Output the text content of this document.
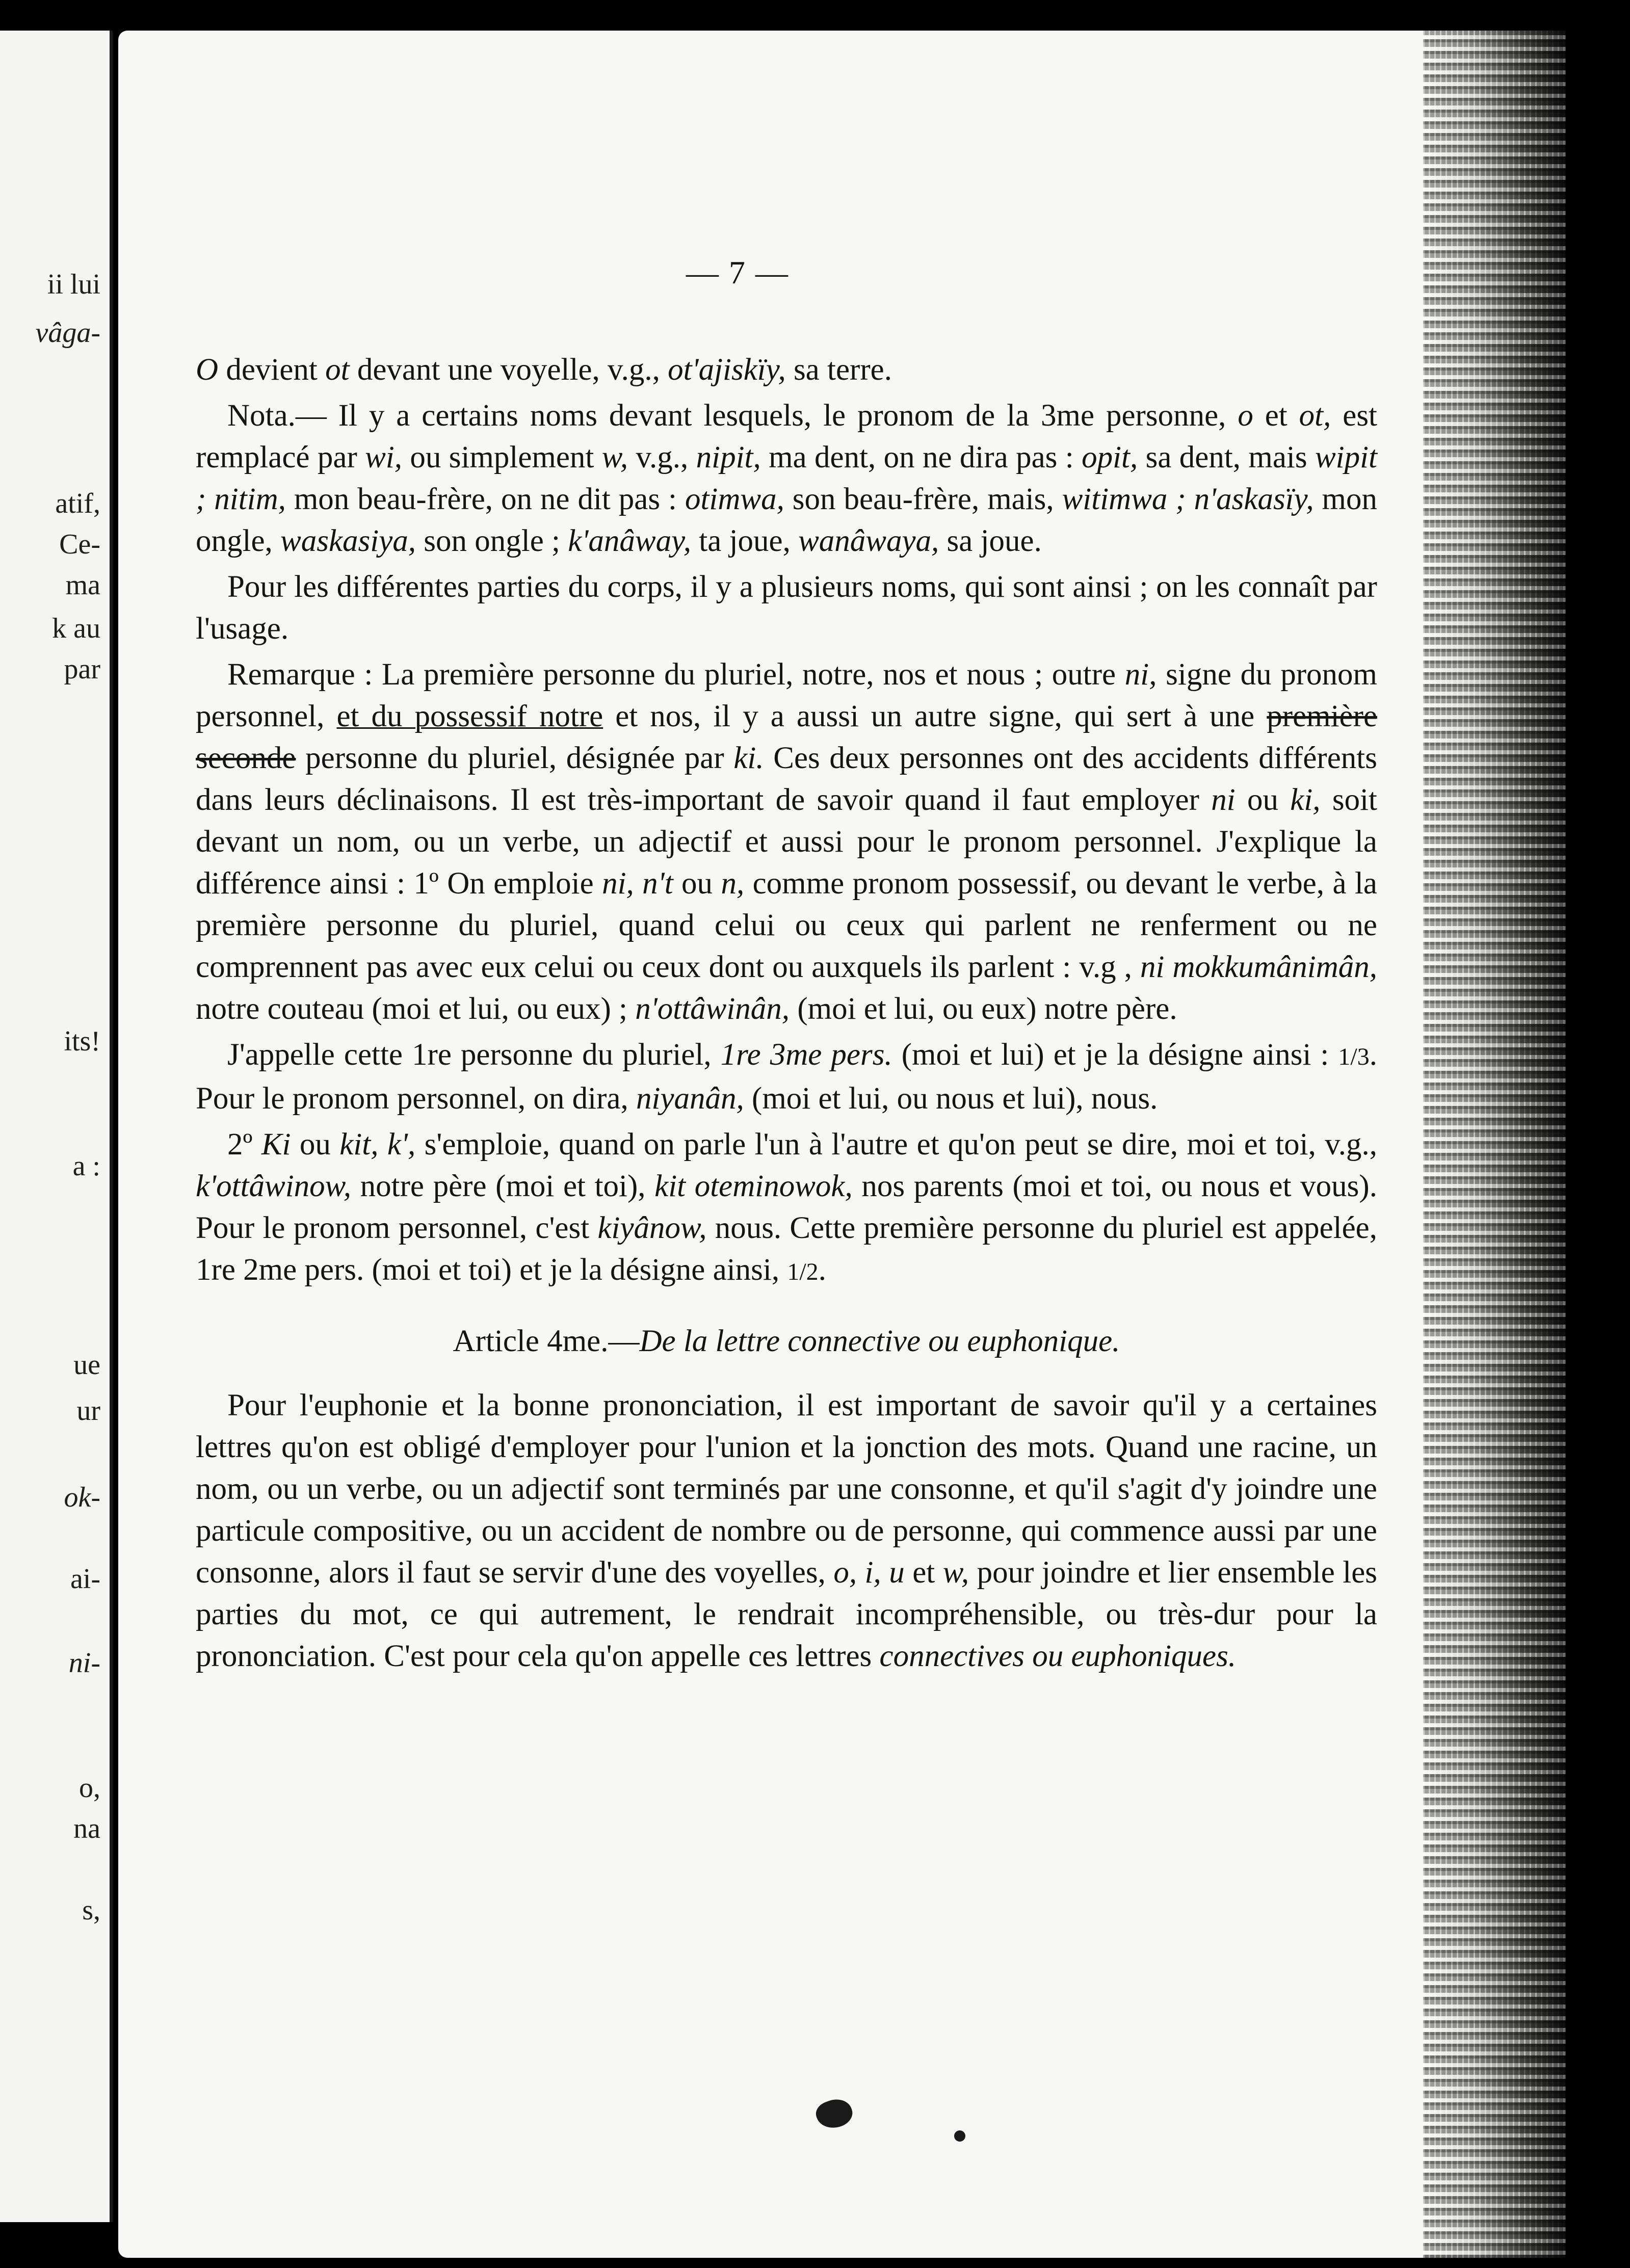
ii lui
vâga-
atif,
Ce-
ma
k au
par
its!
a :
ue
ur
ok-
ai-
ni-
o,
na
s,
— 7 —

O devient ot devant une voyelle, v.g., ot'ajiskïy, sa terre.

Nota.— Il y a certains noms devant lesquels, le pronom de la 3me personne, o et ot, est remplacé par wi, ou simplement w, v.g., nipit, ma dent, on ne dira pas : opit, sa dent, mais wipit ; nitim, mon beau-frère, on ne dit pas : otimwa, son beau-frère, mais, witimwa ; n'askasïy, mon ongle, waskasiya, son ongle ; k'anâway, ta joue, wanâwaya, sa joue.

Pour les différentes parties du corps, il y a plusieurs noms, qui sont ainsi ; on les connaît par l'usage.

Remarque : La première personne du pluriel, notre, nos et nous ; outre ni, signe du pronom personnel, et du possessif notre et nos, il y a aussi un autre signe, qui sert à une première seconde personne du pluriel, désignée par ki. Ces deux personnes ont des accidents différents dans leurs déclinaisons. Il est très-important de savoir quand il faut employer ni ou ki, soit devant un nom, ou un verbe, un adjectif et aussi pour le pronom personnel. J'explique la différence ainsi : 1º On emploie ni, n't ou n, comme pronom possessif, ou devant le verbe, à la première personne du pluriel, quand celui ou ceux qui parlent ne renferment ou ne comprennent pas avec eux celui ou ceux dont ou auxquels ils parlent : v.g , ni mokkumânimân, notre couteau (moi et lui, ou eux) ; n'ottâwinân, (moi et lui, ou eux) notre père.

J'appelle cette 1re personne du pluriel, 1re 3me pers. (moi et lui) et je la désigne ainsi : 1/3. Pour le pronom personnel, on dira, niyanân, (moi et lui, ou nous et lui), nous.

2º Ki ou kit, k', s'emploie, quand on parle l'un à l'autre et qu'on peut se dire, moi et toi, v.g., k'ottâwinow, notre père (moi et toi), kit oteminowok, nos parents (moi et toi, ou nous et vous). Pour le pronom personnel, c'est kiyânow, nous. Cette première personne du pluriel est appelée, 1re 2me pers. (moi et toi) et je la désigne ainsi, 1/2.

Article 4me.—De la lettre connective ou euphonique.

Pour l'euphonie et la bonne prononciation, il est important de savoir qu'il y a certaines lettres qu'on est obligé d'employer pour l'union et la jonction des mots. Quand une racine, un nom, ou un verbe, ou un adjectif sont terminés par une consonne, et qu'il s'agit d'y joindre une particule compositive, ou un accident de nombre ou de personne, qui commence aussi par une consonne, alors il faut se servir d'une des voyelles, o, i, u et w, pour joindre et lier ensemble les parties du mot, ce qui autrement, le rendrait incompréhensible, ou très-dur pour la prononciation. C'est pour cela qu'on appelle ces lettres connectives ou euphoniques.
